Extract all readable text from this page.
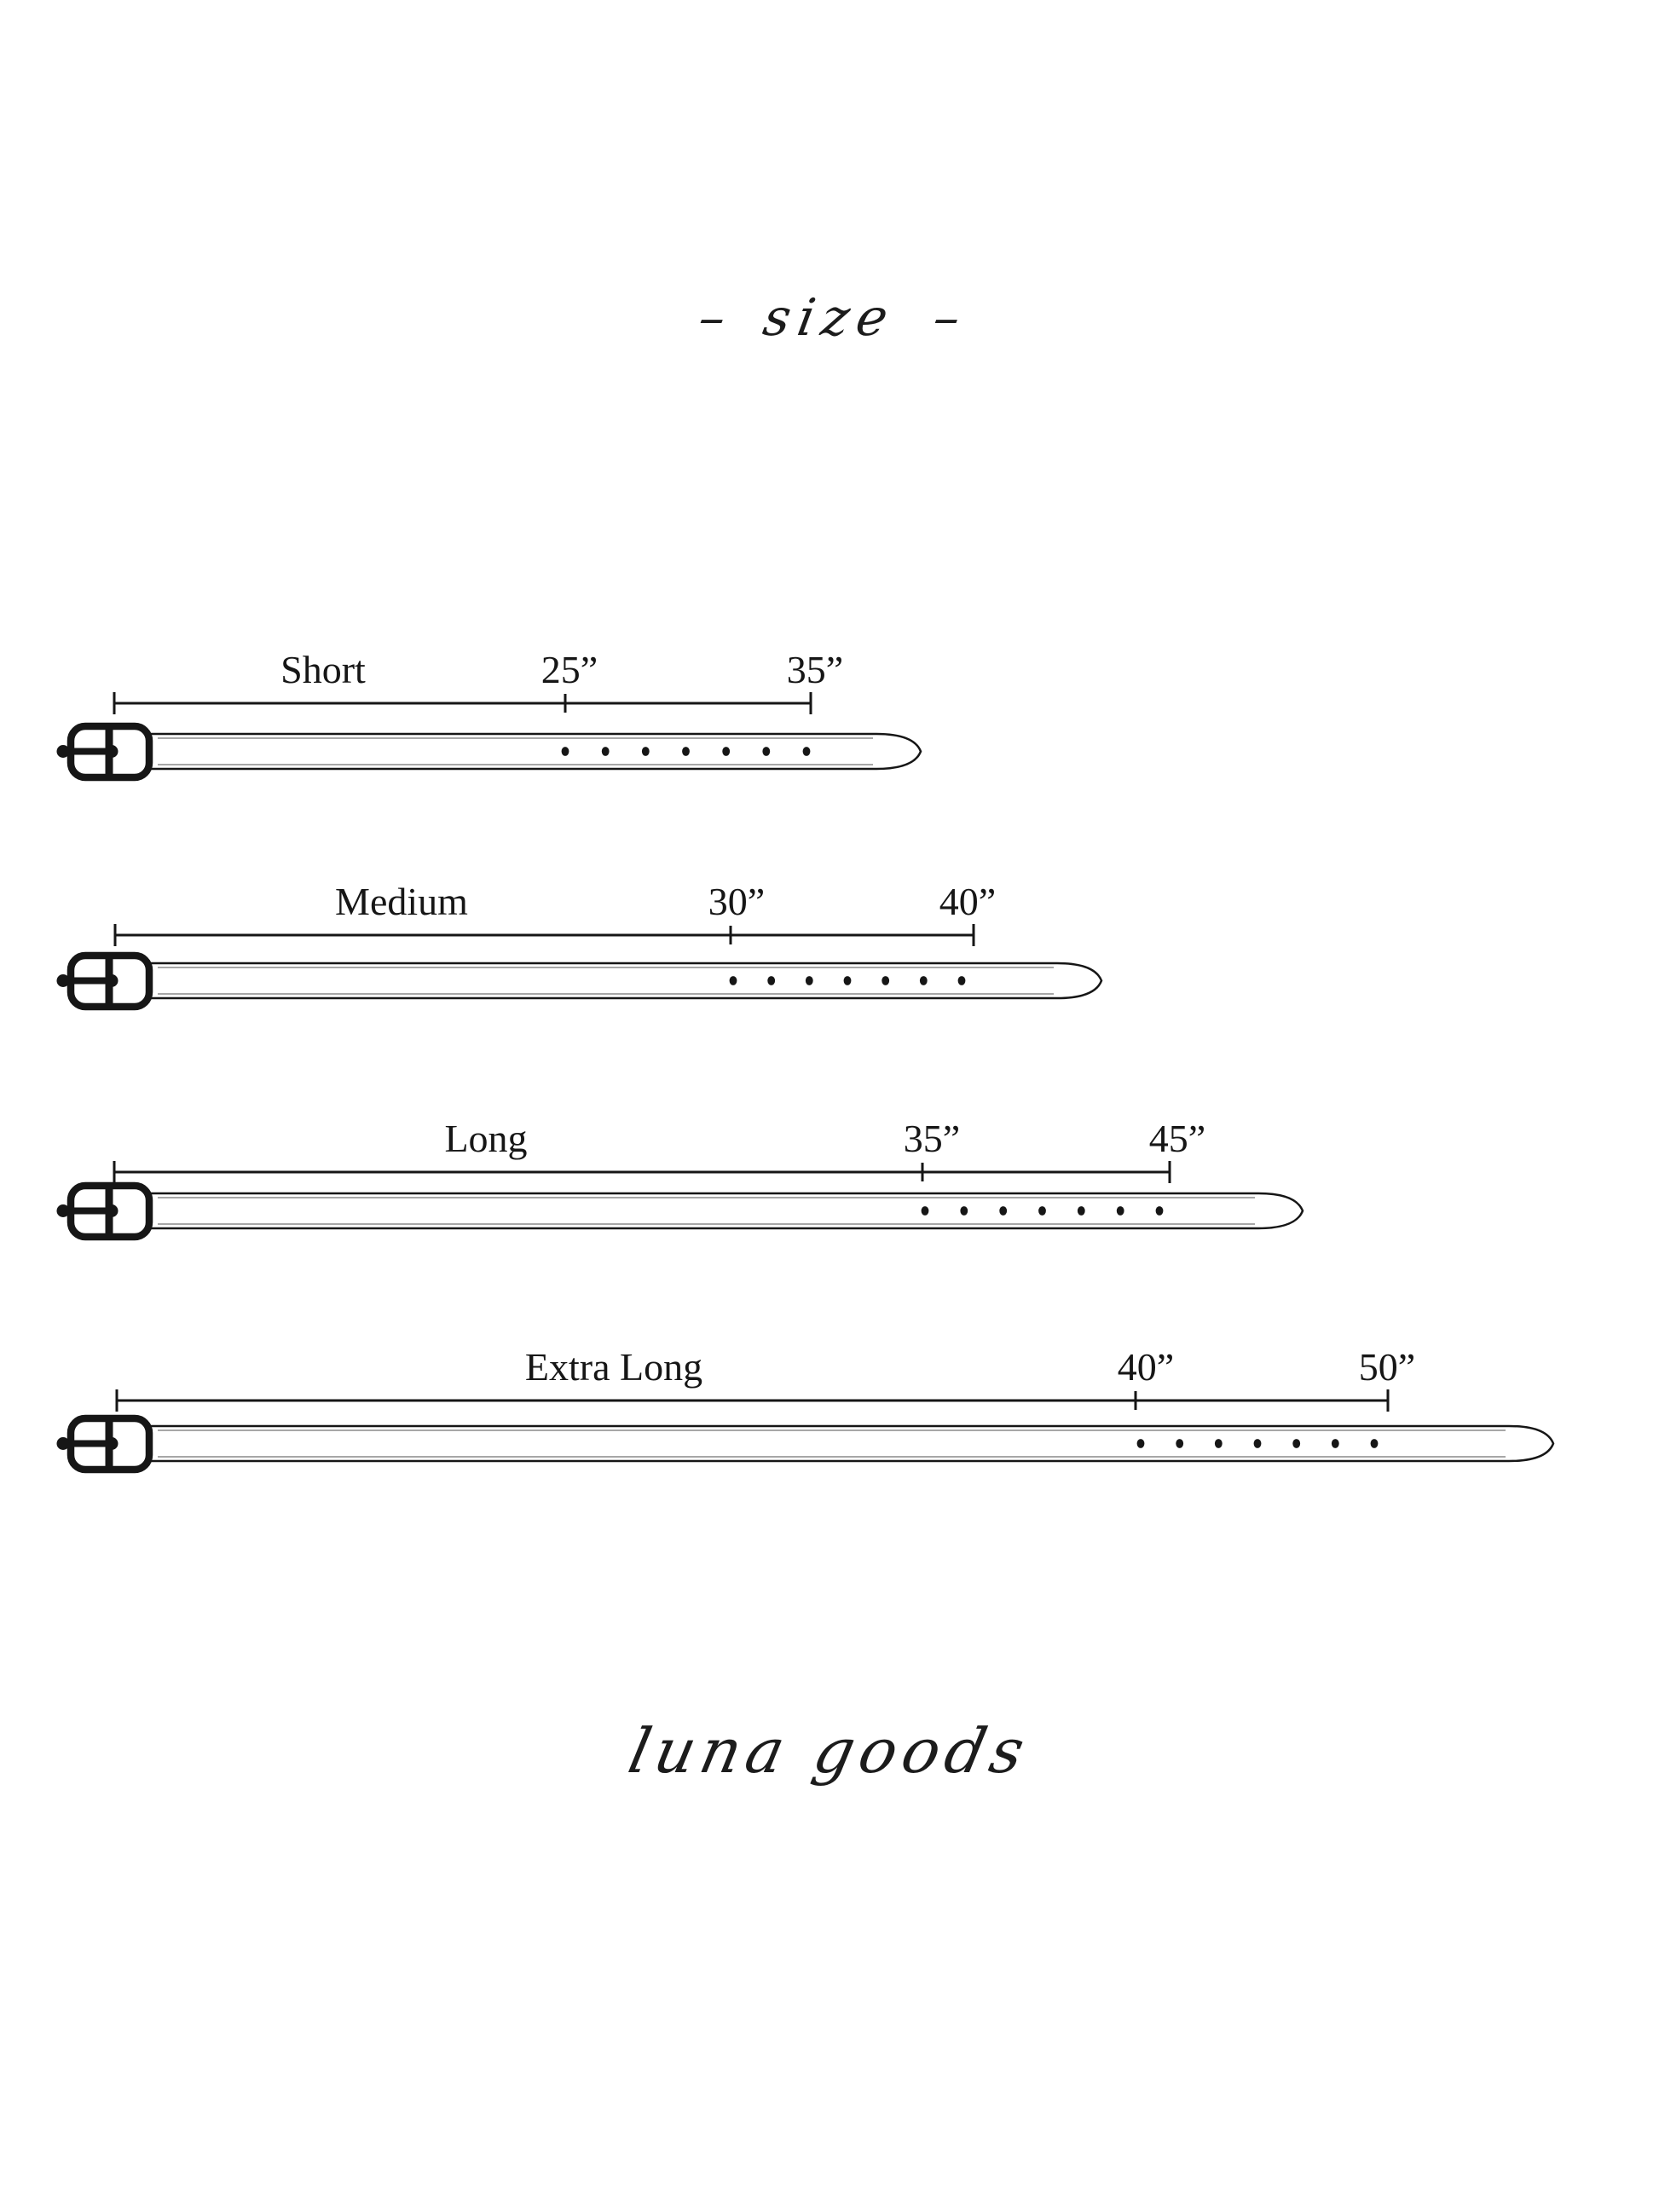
– size –
Short	25”	35”
Medium	30”	40”
Long	35”	45”
Extra Long	40”	50”
luna goods
